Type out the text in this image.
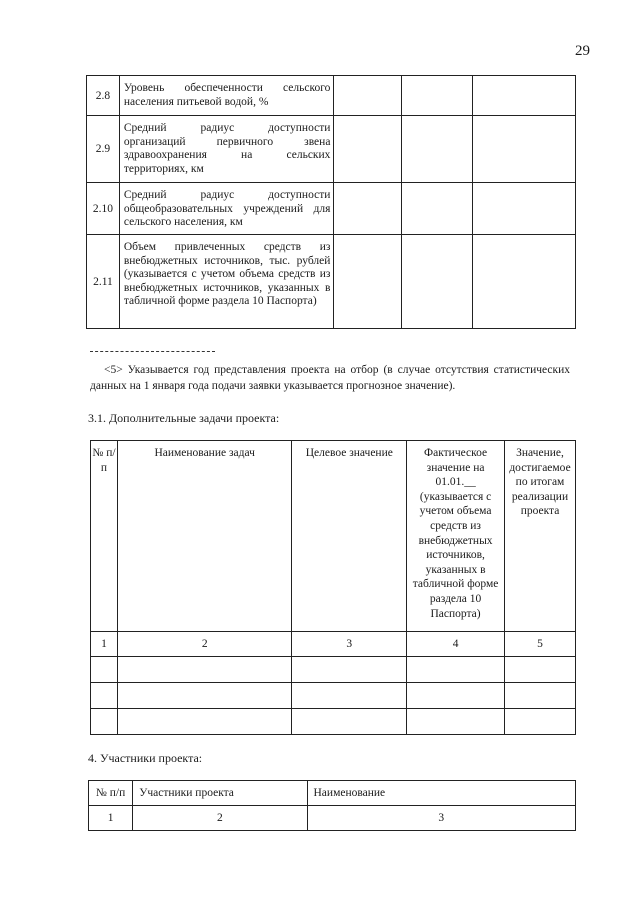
29
2.8	Уровень обеспеченности сельского населения питьевой водой, %			
2.9	Средний радиус доступности организаций первичного звена здравоохранения на сельских территориях, км			
2.10	Средний радиус доступности общеобразовательных учреждений для сельского населения, км			
2.11	Объем привлеченных средств из внебюджетных источников, тыс. рублей (указывается с учетом объема средств из внебюджетных источников, указанных в табличной форме раздела 10 Паспорта)			
<5> Указывается год представления проекта на отбор (в случае отсутствия статистических данных на 1 января года подачи заявки указывается прогнозное значение).
3.1. Дополнительные задачи проекта:
№ п/п	Наименование задач	Целевое значение	Фактическое значение на 01.01.__ (указывается с учетом объема средств из внебюджетных источников, указанных в табличной форме раздела 10 Паспорта)	Значение, достигаемое по итогам реализации проекта
1	2	3	4	5

4. Участники проекта:
№ п/п	Участники проекта	Наименование
1	2	3
